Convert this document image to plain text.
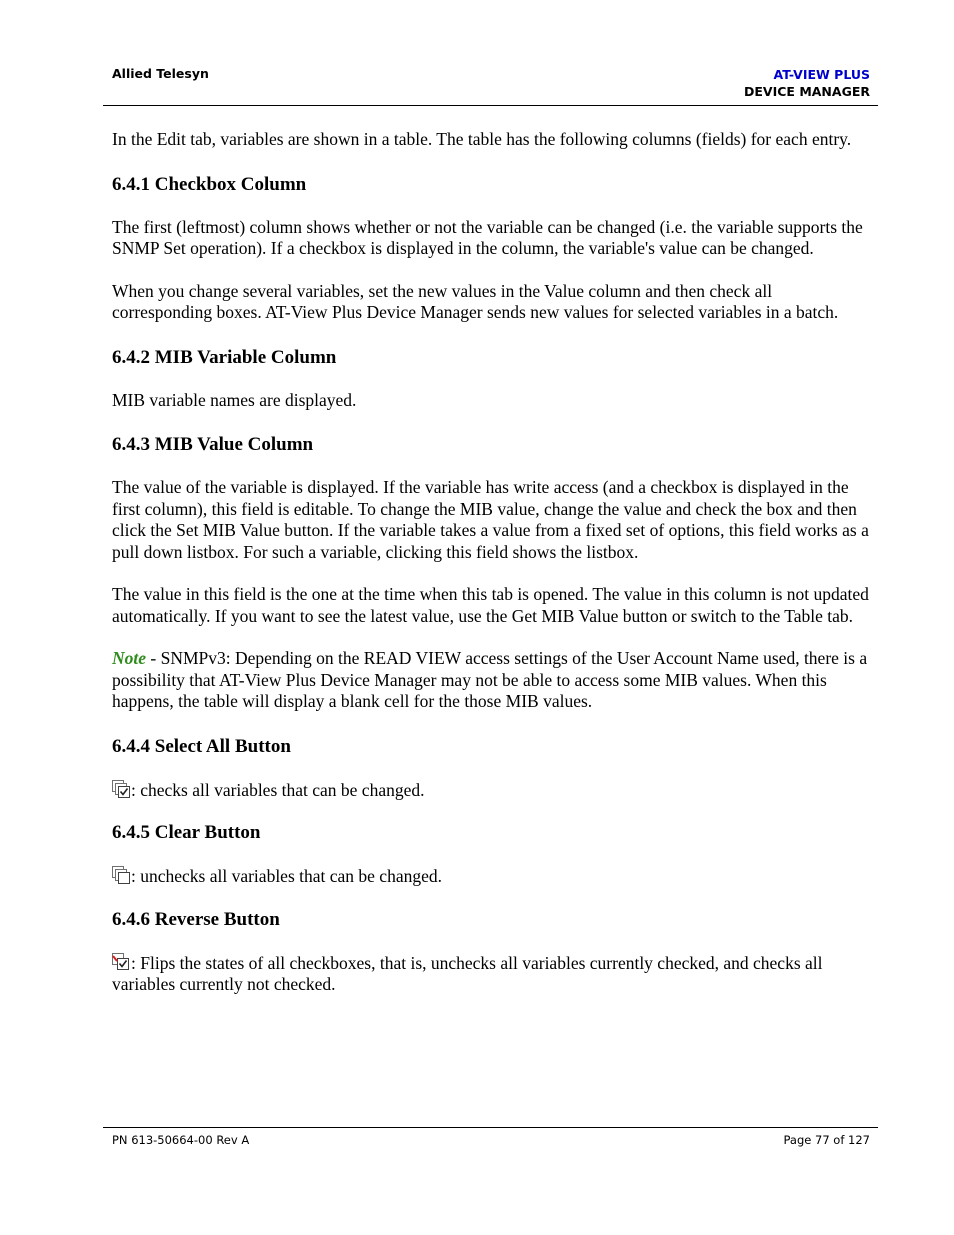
Allied Telesyn	AT-VIEW PLUS
DEVICE MANAGER

In the Edit tab, variables are shown in a table. The table has the following columns (fields) for each entry.

6.4.1 Checkbox Column

The first (leftmost) column shows whether or not the variable can be changed (i.e. the variable supports the SNMP Set operation). If a checkbox is displayed in the column, the variable's value can be changed.

When you change several variables, set the new values in the Value column and then check all corresponding boxes. AT-View Plus Device Manager sends new values for selected variables in a batch.

6.4.2 MIB Variable Column

MIB variable names are displayed.

6.4.3 MIB Value Column

The value of the variable is displayed. If the variable has write access (and a checkbox is displayed in the first column), this field is editable. To change the MIB value, change the value and check the box and then click the Set MIB Value button. If the variable takes a value from a fixed set of options, this field works as a pull down listbox. For such a variable, clicking this field shows the listbox.

The value in this field is the one at the time when this tab is opened. The value in this column is not updated automatically. If you want to see the latest value, use the Get MIB Value button or switch to the Table tab.

Note - SNMPv3: Depending on the READ VIEW access settings of the User Account Name used, there is a possibility that AT-View Plus Device Manager may not be able to access some MIB values. When this happens, the table will display a blank cell for the those MIB values.

6.4.4 Select All Button

: checks all variables that can be changed.

6.4.5 Clear Button

: unchecks all variables that can be changed.

6.4.6 Reverse Button

: Flips the states of all checkboxes, that is, unchecks all variables currently checked, and checks all variables currently not checked.

PN 613-50664-00 Rev A	Page 77 of 127
